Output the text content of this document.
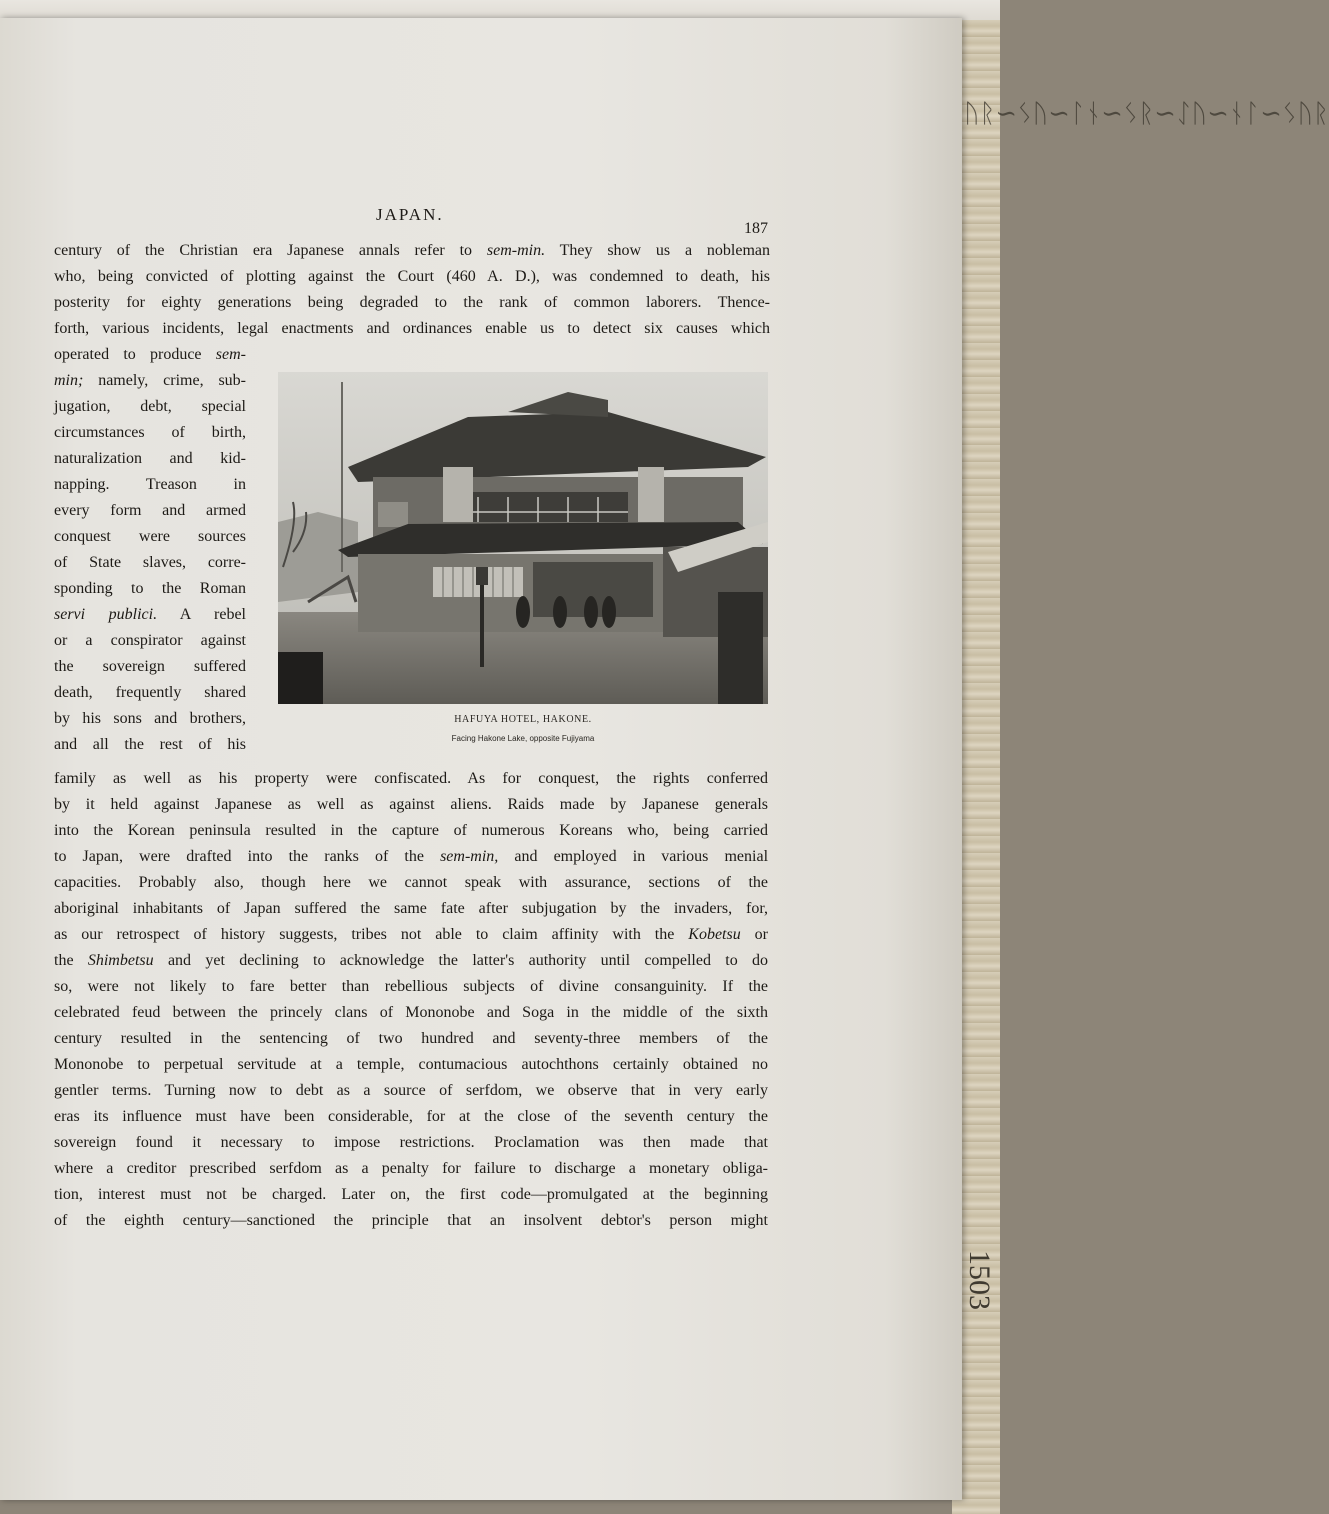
ᚢᚱ∽ᛊᚢ∽ᛚᚾ∽ᛊᚱ∽ᛇᚢ∽ᚾᛚ∽ᛊᚢᚱ
1503
JAPAN.
187
century of the Christian era Japanese annals refer to sem-min. They show us a nobleman
who, being convicted of plotting against the Court (460 A. D.), was condemned to death, his
posterity for eighty generations being degraded to the rank of common laborers. Thence-
forth, various incidents, legal enactments and ordinances enable us to detect six causes which
operated to produce sem-
min; namely, crime, sub-
jugation, debt, special
circumstances of birth,
naturalization and kid-
napping. Treason in
every form and armed
conquest were sources
of State slaves, corre-
sponding to the Roman
servi publici. A rebel
or a conspirator against
the sovereign suffered
death, frequently shared
by his sons and brothers,
and all the rest of his
family as well as his property were confiscated. As for conquest, the rights conferred
by it held against Japanese as well as against aliens. Raids made by Japanese generals
into the Korean peninsula resulted in the capture of numerous Koreans who, being carried
to Japan, were drafted into the ranks of the sem-min, and employed in various menial
capacities. Probably also, though here we cannot speak with assurance, sections of the
aboriginal inhabitants of Japan suffered the same fate after subjugation by the invaders, for,
as our retrospect of history suggests, tribes not able to claim affinity with the Kobetsu or
the Shimbetsu and yet declining to acknowledge the latter's authority until compelled to do
so, were not likely to fare better than rebellious subjects of divine consanguinity. If the
celebrated feud between the princely clans of Mononobe and Soga in the middle of the sixth
century resulted in the sentencing of two hundred and seventy-three members of the
Mononobe to perpetual servitude at a temple, contumacious autochthons certainly obtained no
gentler terms. Turning now to debt as a source of serfdom, we observe that in very early
eras its influence must have been considerable, for at the close of the seventh century the
sovereign found it necessary to impose restrictions. Proclamation was then made that
where a creditor prescribed serfdom as a penalty for failure to discharge a monetary obliga-
tion, interest must not be charged. Later on, the first code—promulgated at the beginning
of the eighth century—sanctioned the principle that an insolvent debtor's person might
HAFUYA HOTEL, HAKONE.
Facing Hakone Lake, opposite Fujiyama
